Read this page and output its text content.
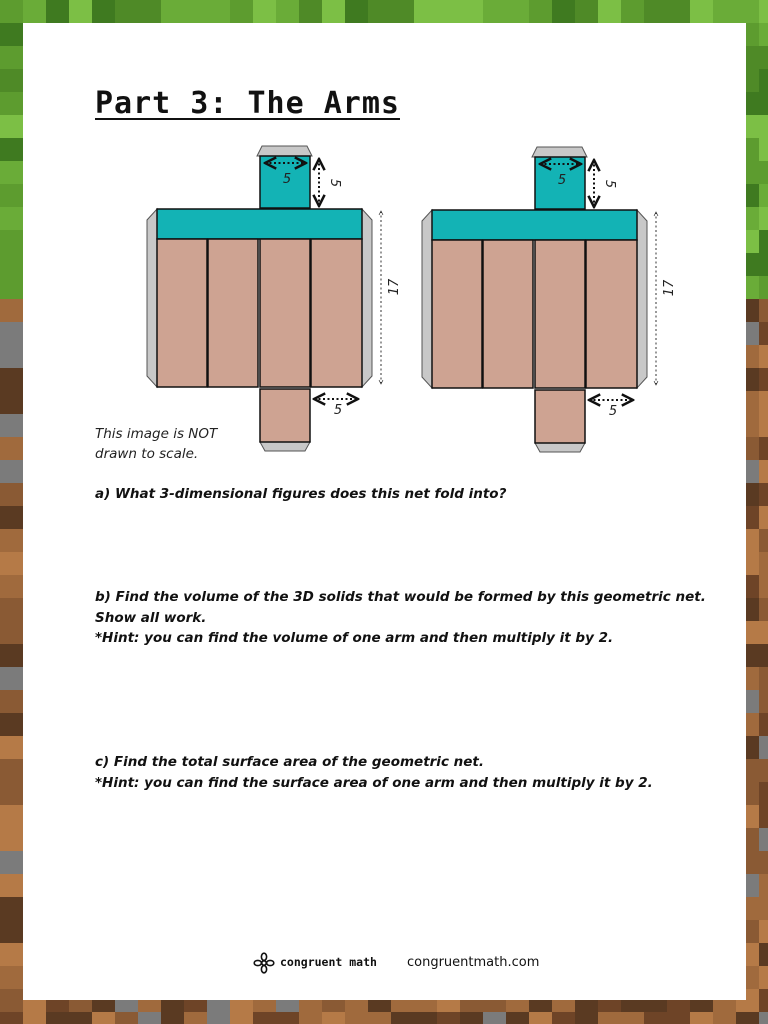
Part 3: The Arms
5	5
17
5
5	5
17
5
This image is NOT
drawn to scale.
a) What 3-dimensional figures does this net fold into?
b) Find the volume of the 3D solids that would be formed by this geometric net.
Show all work.
*Hint: you can find the volume of one arm and then multiply it by 2.
c) Find the total surface area of the geometric net.
*Hint: you can find the surface area of one arm and then multiply it by 2.
congruent math congruentmath.com
